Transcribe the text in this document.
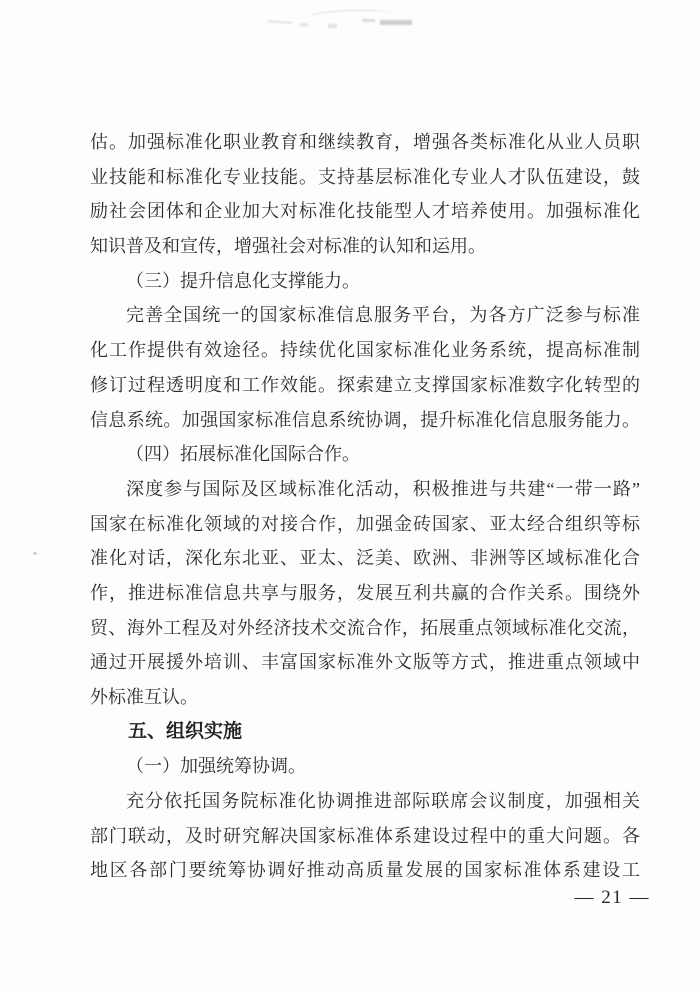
估。加强标准化职业教育和继续教育，增强各类标准化从业人员职
业技能和标准化专业技能。支持基层标准化专业人才队伍建设，鼓
励社会团体和企业加大对标准化技能型人才培养使用。加强标准化
知识普及和宣传，增强社会对标准的认知和运用。
（三）提升信息化支撑能力。
完善全国统一的国家标准信息服务平台，为各方广泛参与标准
化工作提供有效途径。持续优化国家标准化业务系统，提高标准制
修订过程透明度和工作效能。探索建立支撑国家标准数字化转型的
信息系统。加强国家标准信息系统协调，提升标准化信息服务能力。
（四）拓展标准化国际合作。
深度参与国际及区域标准化活动，积极推进与共建“一带一路”
国家在标准化领域的对接合作，加强金砖国家、亚太经合组织等标
准化对话，深化东北亚、亚太、泛美、欧洲、非洲等区域标准化合
作，推进标准信息共享与服务，发展互利共赢的合作关系。围绕外
贸、海外工程及对外经济技术交流合作，拓展重点领域标准化交流，
通过开展援外培训、丰富国家标准外文版等方式，推进重点领域中
外标准互认。
五、组织实施
（一）加强统筹协调。
充分依托国务院标准化协调推进部际联席会议制度，加强相关
部门联动，及时研究解决国家标准体系建设过程中的重大问题。各
地区各部门要统筹协调好推动高质量发展的国家标准体系建设工
— 21 —
